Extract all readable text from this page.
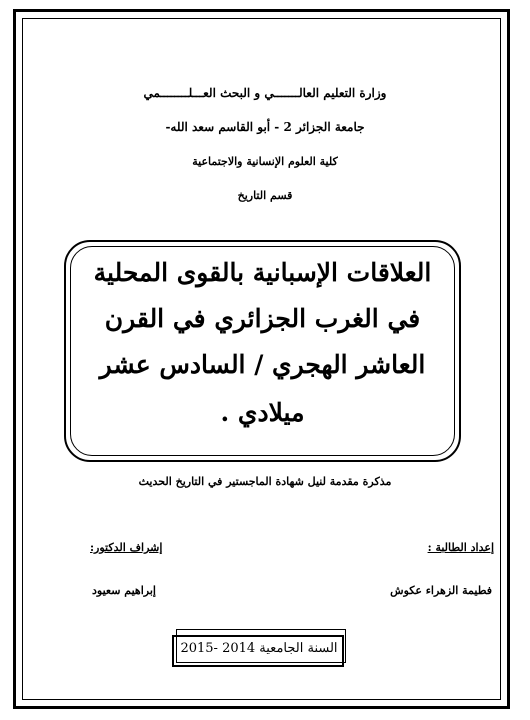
وزارة التعليم العالـــــــي و البحث العـــلــــــــمي
جامعة الجزائر 2 - أبو القاسم سعد الله-
كلية العلوم الإنسانية والاجتماعية
قسم التاريخ
العلاقات الإسبانية بالقوى المحلية
في الغرب الجزائري في القرن
العاشر الهجري / السادس عشر
ميلادي .
مذكرة مقدمة لنيل شهادة الماجستير في التاريخ الحديث
إعداد الطالبة :
إشراف الدكتور:
فطيمة الزهراء عكوش
إبراهيم سعيود
السنة الجامعية 2014 -2015
